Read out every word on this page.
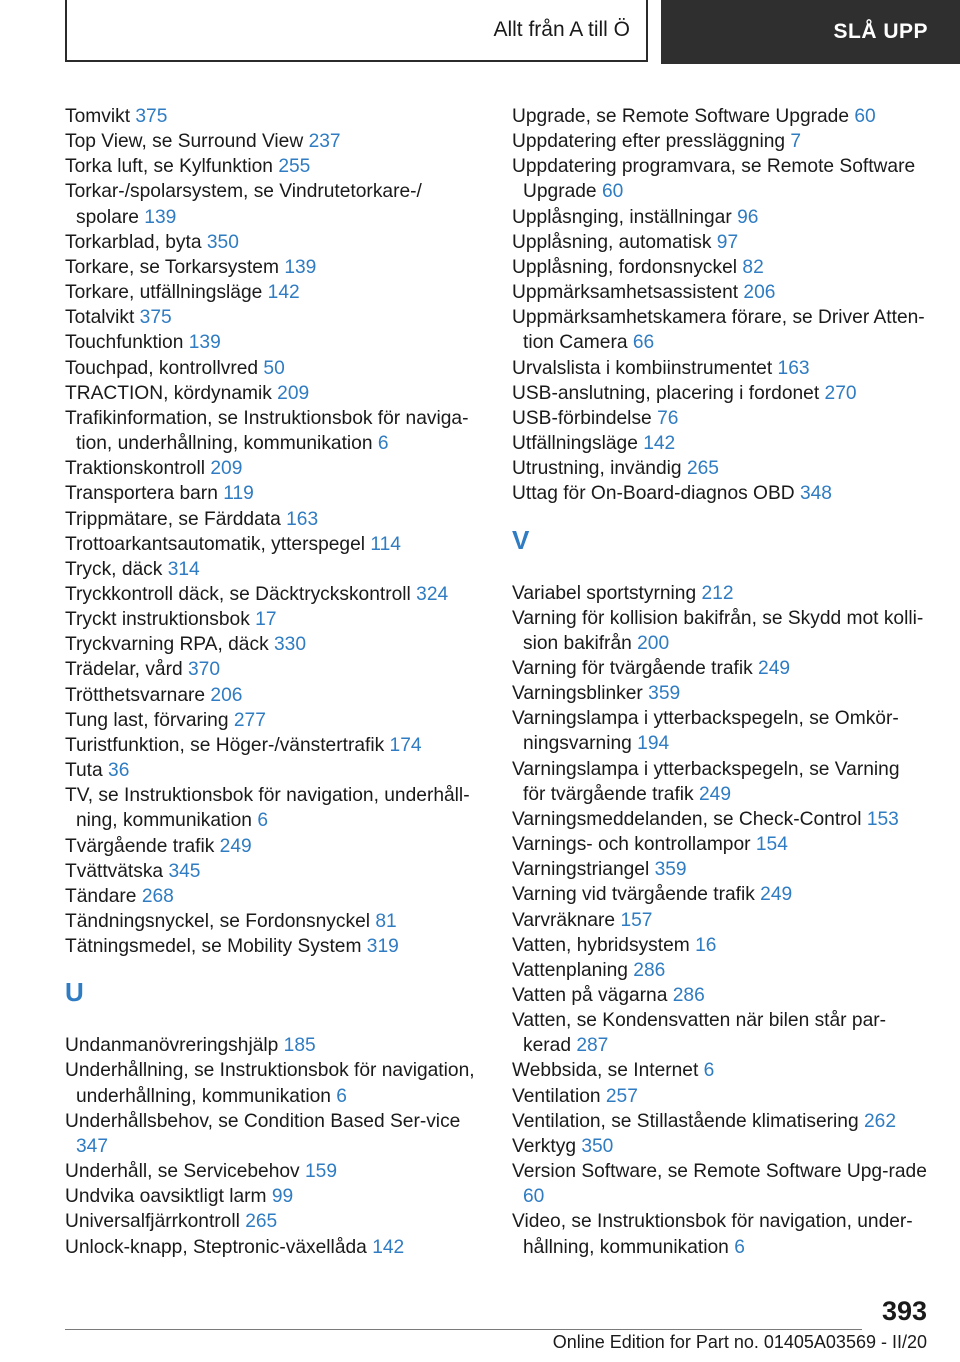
Allt från A till Ö	SLÅ UPP
Tomvikt 375
Top View, se Surround View 237
Torka luft, se Kylfunktion 255
Torkar-/spolarsystem, se Vindrutetorkare-/​spolare 139
Torkarblad, byta 350
Torkare, se Torkarsystem 139
Torkare, utfällningsläge 142
Totalvikt 375
Touchfunktion 139
Touchpad, kontrollvred 50
TRACTION, kördynamik 209
Trafikinformation, se Instruktionsbok för naviga-​tion, underhållning, kommunikation 6
Traktionskontroll 209
Transportera barn 119
Trippmätare, se Färddata 163
Trottoarkantsautomatik, ytterspegel 114
Tryck, däck 314
Tryckkontroll däck, se Däcktryckskontroll 324
Tryckt instruktionsbok 17
Tryckvarning RPA, däck 330
Trädelar, vård 370
Trötthetsvarnare 206
Tung last, förvaring 277
Turistfunktion, se Höger-/vänstertrafik 174
Tuta 36
TV, se Instruktionsbok för navigation, underhåll-​ning, kommunikation 6
Tvärgående trafik 249
Tvättvätska 345
Tändare 268
Tändningsnyckel, se Fordonsnyckel 81
Tätningsmedel, se Mobility System 319
U
Undanmanövreringshjälp 185
Underhållning, se Instruktionsbok för navigation,​ underhållning, kommunikation 6
Underhållsbehov, se Condition Based Ser-​vice 347
Underhåll, se Servicebehov 159
Undvika oavsiktligt larm 99
Universalfjärrkontroll 265
Unlock-knapp, Steptronic-växellåda 142
Upgrade, se Remote Software Upgrade 60
Uppdatering efter pressläggning 7
Uppdatering programvara, se Remote Software​ Upgrade 60
Upplåsnging, inställningar 96
Upplåsning, automatisk 97
Upplåsning, fordonsnyckel 82
Uppmärksamhetsassistent 206
Uppmärksamhetskamera förare, se Driver Atten-​tion Camera 66
Urvalslista i kombiinstrumentet 163
USB-anslutning, placering i fordonet 270
USB-förbindelse 76
Utfällningsläge 142
Utrustning, invändig 265
Uttag för On-Board-diagnos OBD 348
V
Variabel sportstyrning 212
Varning för kollision bakifrån, se Skydd mot kolli-​sion bakifrån 200
Varning för tvärgående trafik 249
Varningsblinker 359
Varningslampa i ytterbackspegeln, se Omkör-​ningsvarning 194
Varningslampa i ytterbackspegeln, se Varning för​ tvärgående trafik 249
Varningsmeddelanden, se Check-Control 153
Varnings- och kontrollampor 154
Varningstriangel 359
Varning vid tvärgående trafik 249
Varvräknare 157
Vatten, hybridsystem 16
Vattenplaning 286
Vatten på vägarna 286
Vatten, se Kondensvatten när bilen står par-​kerad 287
Webbsida, se Internet 6
Ventilation 257
Ventilation, se Stillastående klimatisering 262
Verktyg 350
Version Software, se Remote Software Upg-​rade 60
Video, se Instruktionsbok för navigation, under-​hållning, kommunikation 6
393
Online Edition for Part no. 01405A03569 - II/20
